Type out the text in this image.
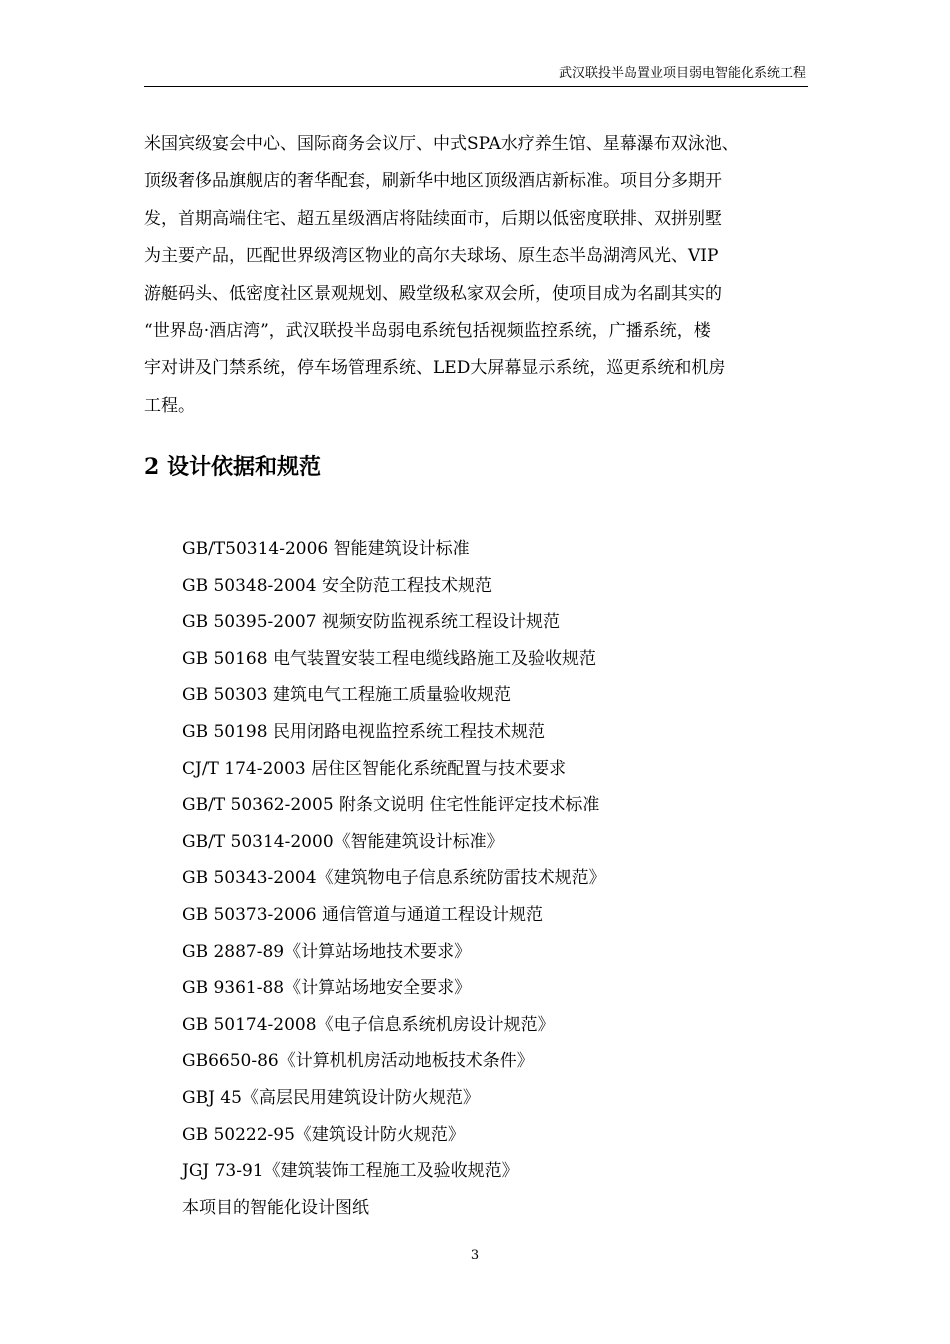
武汉联投半岛置业项目弱电智能化系统工程

米国宾级宴会中心、国际商务会议厅、中式SPA水疗养生馆、星幕瀑布双泳池、
顶级奢侈品旗舰店的奢华配套，刷新华中地区顶级酒店新标准。项目分多期开
发，首期高端住宅、超五星级酒店将陆续面市，后期以低密度联排、双拼别墅
为主要产品，匹配世界级湾区物业的高尔夫球场、原生态半岛湖湾风光、VIP
游艇码头、低密度社区景观规划、殿堂级私家双会所，使项目成为名副其实的
“世界岛·酒店湾”，武汉联投半岛弱电系统包括视频监控系统，广播系统，楼
宇对讲及门禁系统，停车场管理系统、LED大屏幕显示系统，巡更系统和机房
工程。

2 设计依据和规范
GB/T50314-2006 智能建筑设计标准
GB 50348-2004 安全防范工程技术规范
GB 50395-2007 视频安防监视系统工程设计规范
GB 50168 电气装置安装工程电缆线路施工及验收规范
GB 50303 建筑电气工程施工质量验收规范
GB 50198 民用闭路电视监控系统工程技术规范
CJ/T 174-2003 居住区智能化系统配置与技术要求
GB/T 50362-2005 附条文说明 住宅性能评定技术标准
GB/T 50314-2000《智能建筑设计标准》
GB 50343-2004《建筑物电子信息系统防雷技术规范》
GB 50373-2006 通信管道与通道工程设计规范
GB 2887-89《计算站场地技术要求》
GB 9361-88《计算站场地安全要求》
GB 50174-2008《电子信息系统机房设计规范》
GB6650-86《计算机机房活动地板技术条件》
GBJ 45《高层民用建筑设计防火规范》
GB 50222-95《建筑设计防火规范》
JGJ 73-91《建筑装饰工程施工及验收规范》
本项目的智能化设计图纸
3
